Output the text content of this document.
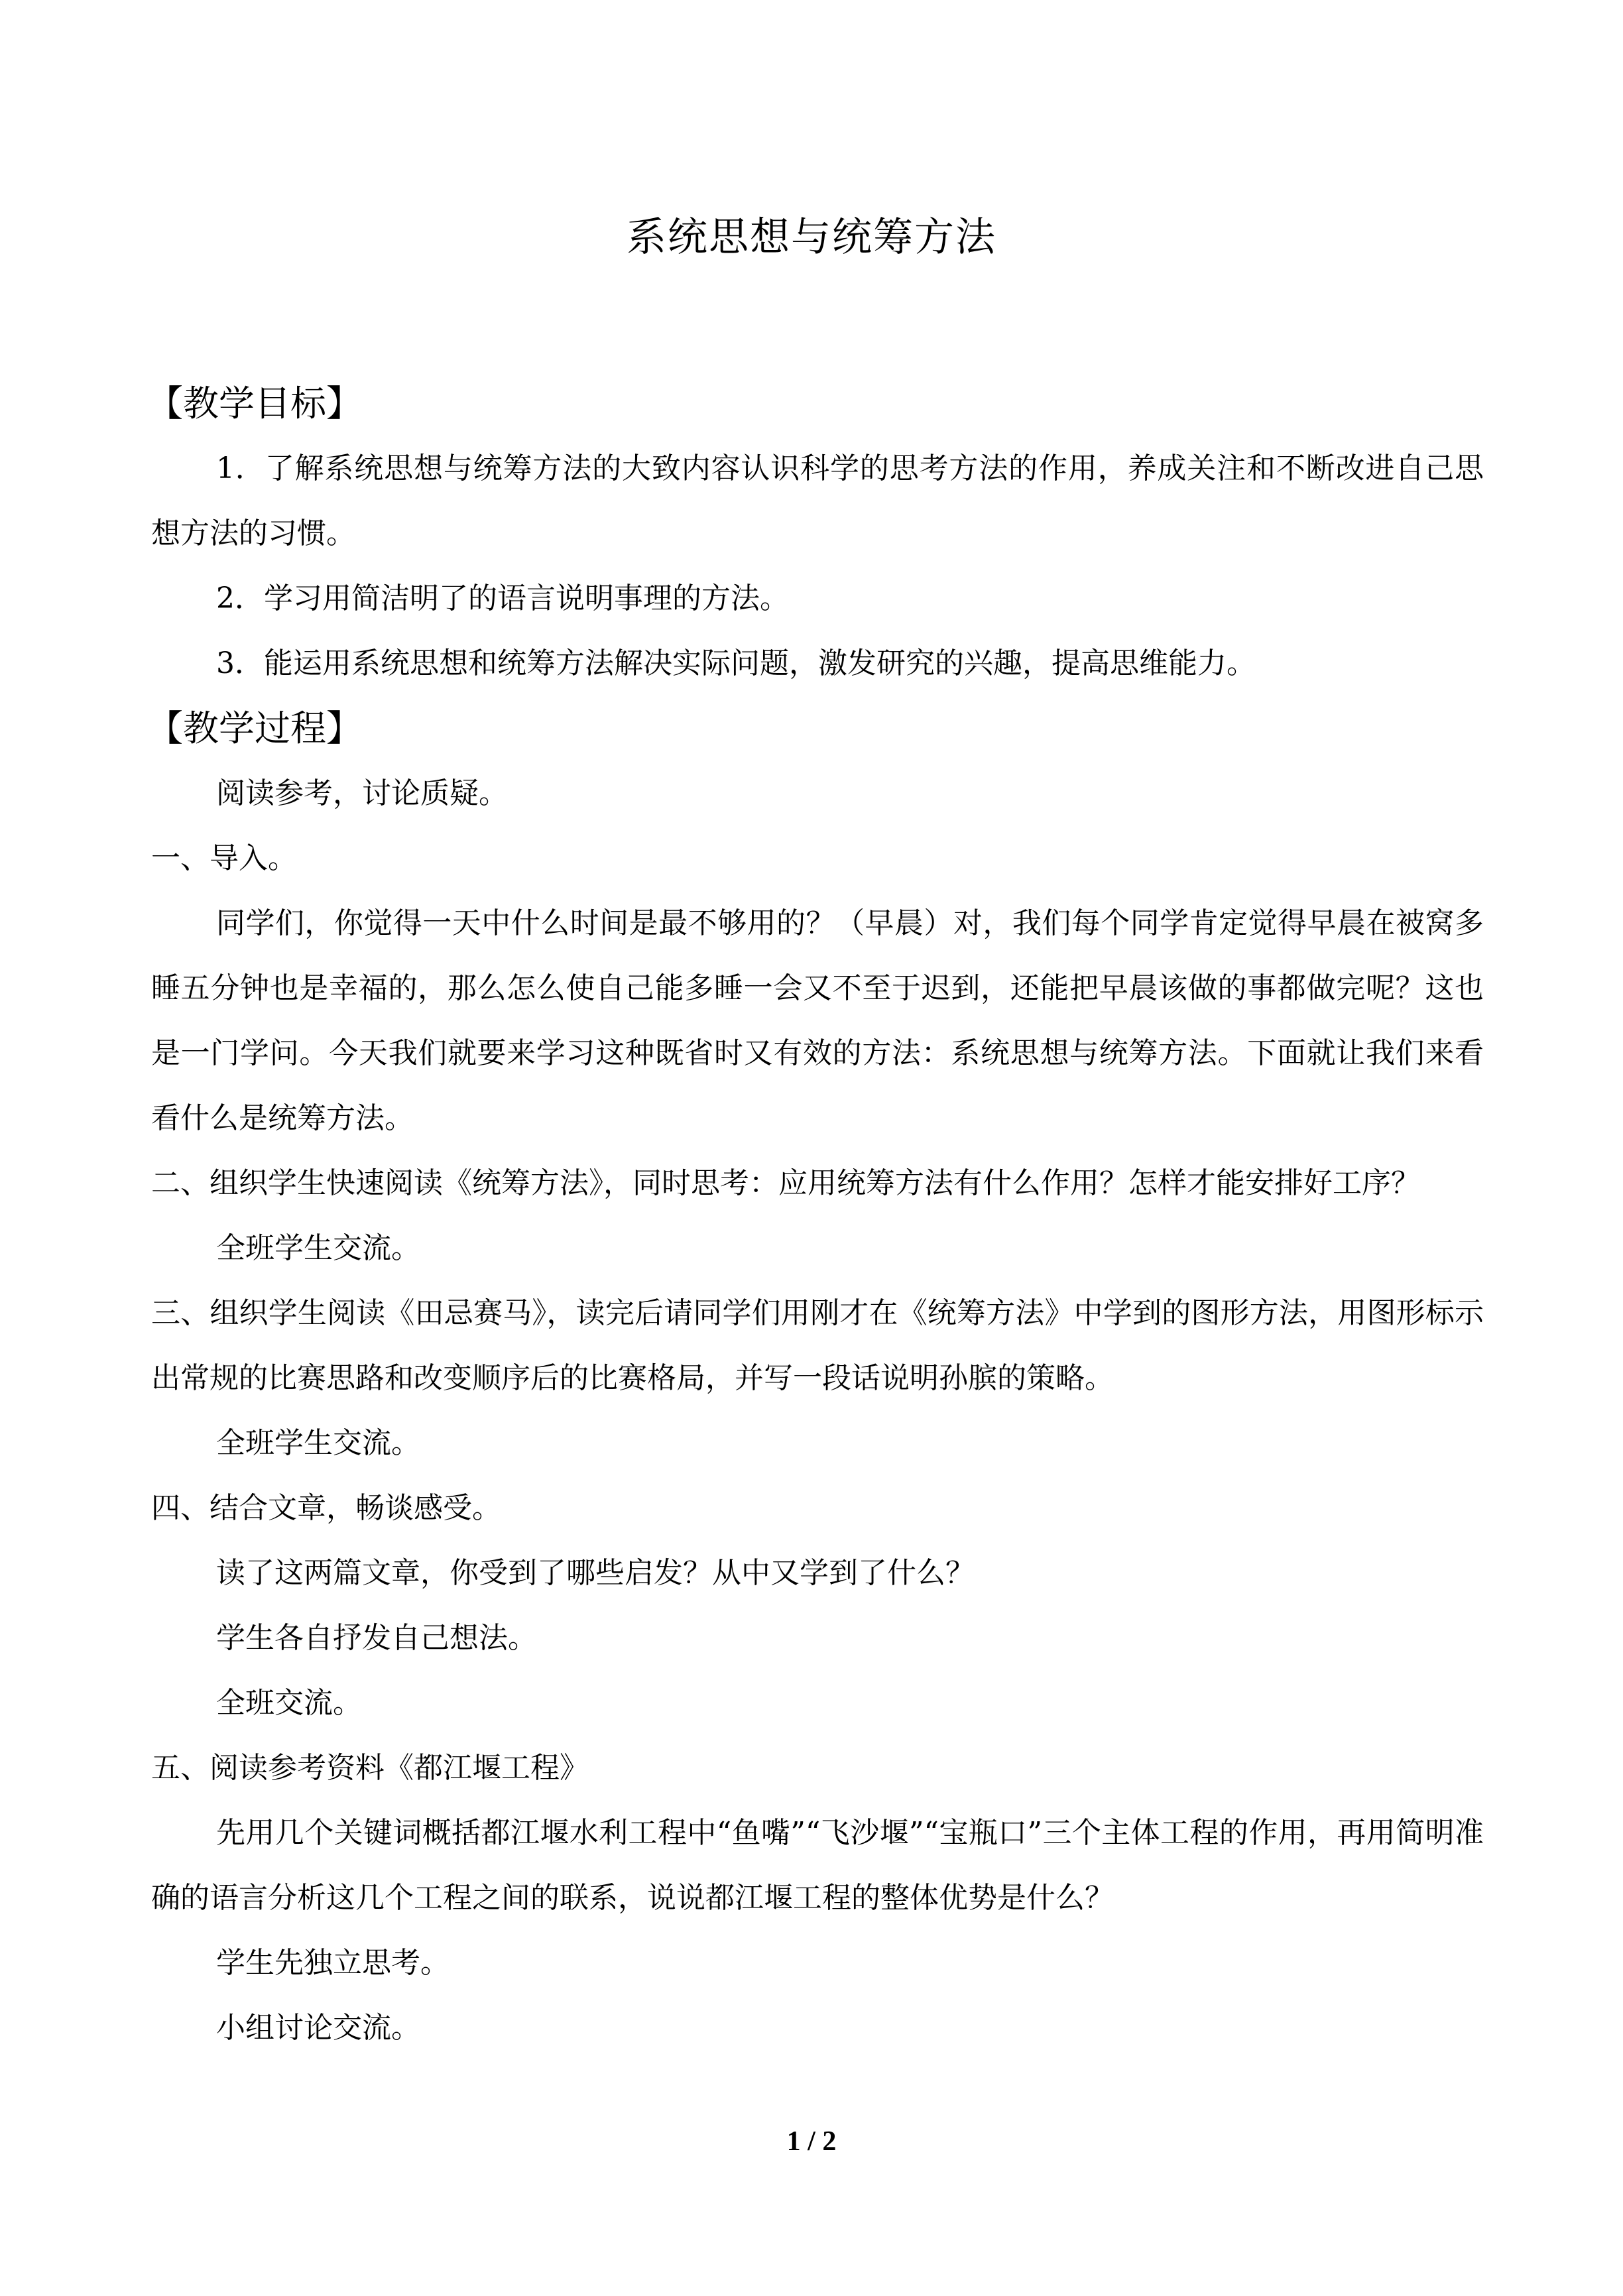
系统思想与统筹方法
【教学目标】

1．了解系统思想与统筹方法的大致内容认识科学的思考方法的作用，养成关注和不断改进自己思想方法的习惯。

2．学习用简洁明了的语言说明事理的方法。

3．能运用系统思想和统筹方法解决实际问题，激发研究的兴趣，提高思维能力。

【教学过程】

阅读参考，讨论质疑。

一、导入。

同学们，你觉得一天中什么时间是最不够用的？（早晨）对，我们每个同学肯定觉得早晨在被窝多睡五分钟也是幸福的，那么怎么使自己能多睡一会又不至于迟到，还能把早晨该做的事都做完呢？这也是一门学问。今天我们就要来学习这种既省时又有效的方法：系统思想与统筹方法。下面就让我们来看看什么是统筹方法。

二、组织学生快速阅读《统筹方法》，同时思考：应用统筹方法有什么作用？怎样才能安排好工序？

全班学生交流。

三、组织学生阅读《田忌赛马》，读完后请同学们用刚才在《统筹方法》中学到的图形方法，用图形标示出常规的比赛思路和改变顺序后的比赛格局，并写一段话说明孙膑的策略。

全班学生交流。

四、结合文章，畅谈感受。

读了这两篇文章，你受到了哪些启发？从中又学到了什么？

学生各自抒发自己想法。

全班交流。

五、阅读参考资料《都江堰工程》

先用几个关键词概括都江堰水利工程中“鱼嘴”“飞沙堰”“宝瓶口”三个主体工程的作用，再用简明准确的语言分析这几个工程之间的联系，说说都江堰工程的整体优势是什么？

学生先独立思考。

小组讨论交流。

1 / 2
